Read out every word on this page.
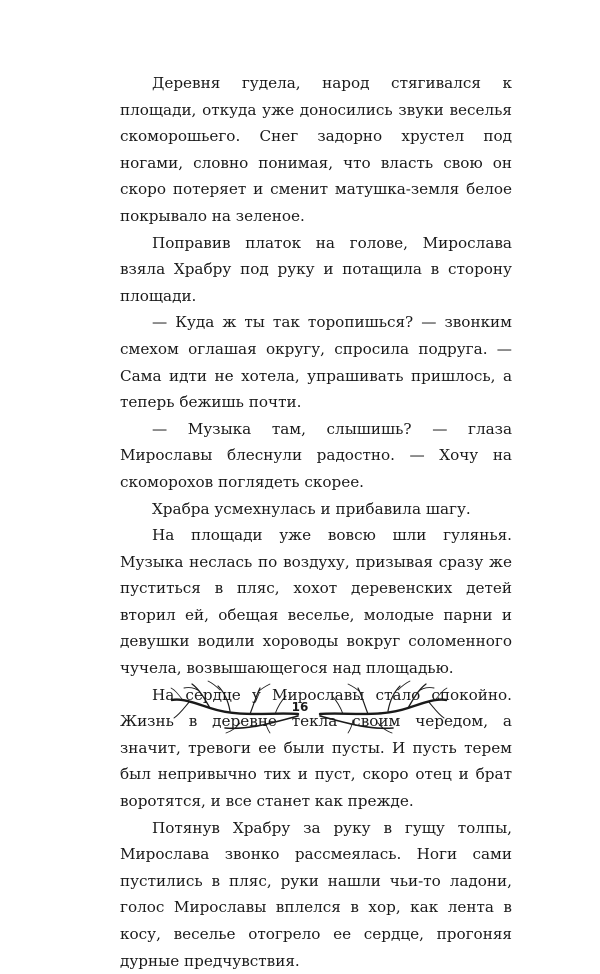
Деревня гудела, народ стягивался к площади, откуда уже доносились звуки веселья скоморошьего. Снег задорно хрустел под ногами, словно понимая, что власть свою он скоро потеряет и сменит матушка-земля белое покрывало на зеленое.

Поправив платок на голове, Мирослава взяла Храбру под руку и потащила в сторону площади.

— Куда ж ты так торопишься? — звонким смехом оглашая округу, спросила подруга. — Сама идти не хотела, упрашивать пришлось, а теперь бежишь почти.

— Музыка там, слышишь? — глаза Мирославы блеснули радостно. — Хочу на скоморохов поглядеть скорее.

Храбра усмехнулась и прибавила шагу.

На площади уже вовсю шли гулянья. Музыка неслась по воздуху, призывая сразу же пуститься в пляс, хохот деревенских детей вторил ей, обещая веселье, молодые парни и девушки водили хороводы вокруг соломенного чучела, возвышающегося над площадью.

На сердце у Мирославы стало спокойно. Жизнь в деревне текла своим чередом, а значит, тревоги ее были пусты. И пусть терем был непривычно тих и пуст, скоро отец и брат воротятся, и все станет как прежде.

Потянув Храбру за руку в гущу толпы, Мирослава звонко рассмеялась. Ноги сами пустились в пляс, руки нашли чьи-то ладони, голос Мирославы вплелся в хор, как лента в косу, веселье отогрело ее сердце, прогоняя дурные предчувствия.

16
